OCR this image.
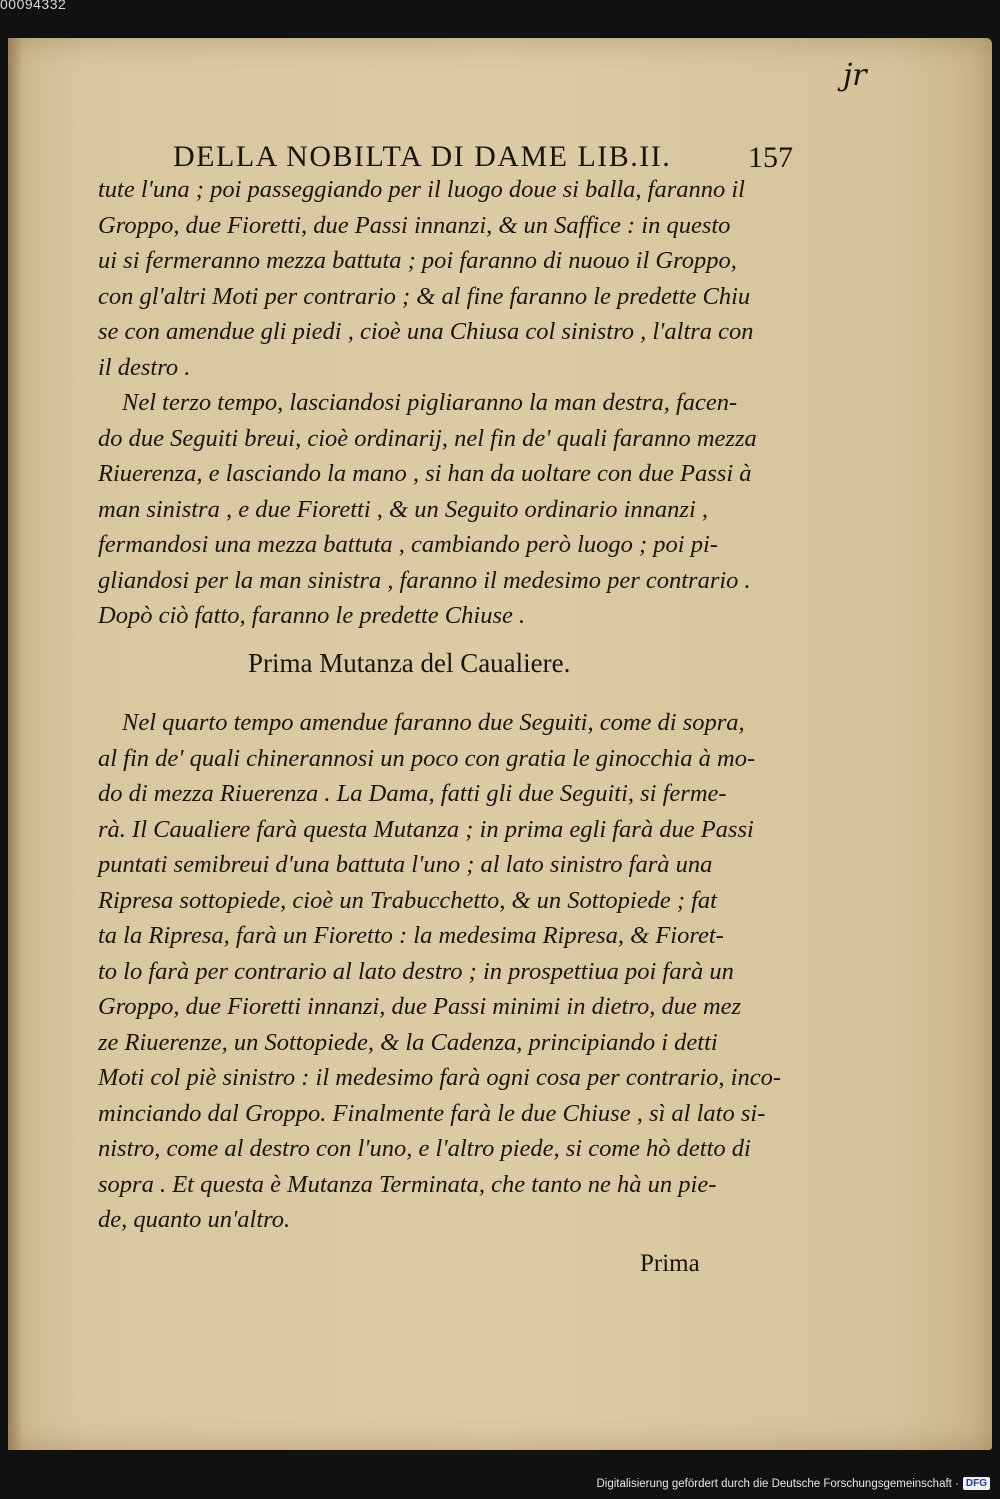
00094332
jr
DELLA NOBILTA DI DAME LIB.II.	157
tute l'una ; poi passeggiando per il luogo doue si balla, faranno il
Groppo, due Fioretti, due Passi innanzi, & un Saffice : in questo
ui si fermeranno mezza battuta ; poi faranno di nuouo il Groppo,
con gl'altri Moti per contrario ; & al fine faranno le predette Chiu
se con amendue gli piedi , cioè una Chiusa col sinistro , l'altra con
il destro .
Nel terzo tempo, lasciandosi pigliaranno la man destra, facen-
do due Seguiti breui, cioè ordinarij, nel fin de' quali faranno mezza
Riuerenza, e lasciando la mano , si han da uoltare con due Passi à
man sinistra , e due Fioretti , & un Seguito ordinario innanzi ,
fermandosi una mezza battuta , cambiando però luogo ; poi pi-
gliandosi per la man sinistra , faranno il medesimo per contrario .
Dopò ciò fatto, faranno le predette Chiuse .
Prima Mutanza del Caualiere.
Nel quarto tempo amendue faranno due Seguiti, come di sopra,
al fin de' quali chinerannosi un poco con gratia le ginocchia à mo-
do di mezza Riuerenza . La Dama, fatti gli due Seguiti, si ferme-
rà. Il Caualiere farà questa Mutanza ; in prima egli farà due Passi
puntati semibreui d'una battuta l'uno ; al lato sinistro farà una
Ripresa sottopiede, cioè un Trabucchetto, & un Sottopiede ; fat
ta la Ripresa, farà un Fioretto : la medesima Ripresa, & Fioret-
to lo farà per contrario al lato destro ; in prospettiua poi farà un
Groppo, due Fioretti innanzi, due Passi minimi in dietro, due mez
ze Riuerenze, un Sottopiede, & la Cadenza, principiando i detti
Moti col piè sinistro : il medesimo farà ogni cosa per contrario, inco-
minciando dal Groppo. Finalmente farà le due Chiuse , sì al lato si-
nistro, come al destro con l'uno, e l'altro piede, si come hò detto di
sopra . Et questa è Mutanza Terminata, che tanto ne hà un pie-
de, quanto un'altro.
Prima
Digitalisierung gefördert durch die Deutsche Forschungsgemeinschaft · DFG
